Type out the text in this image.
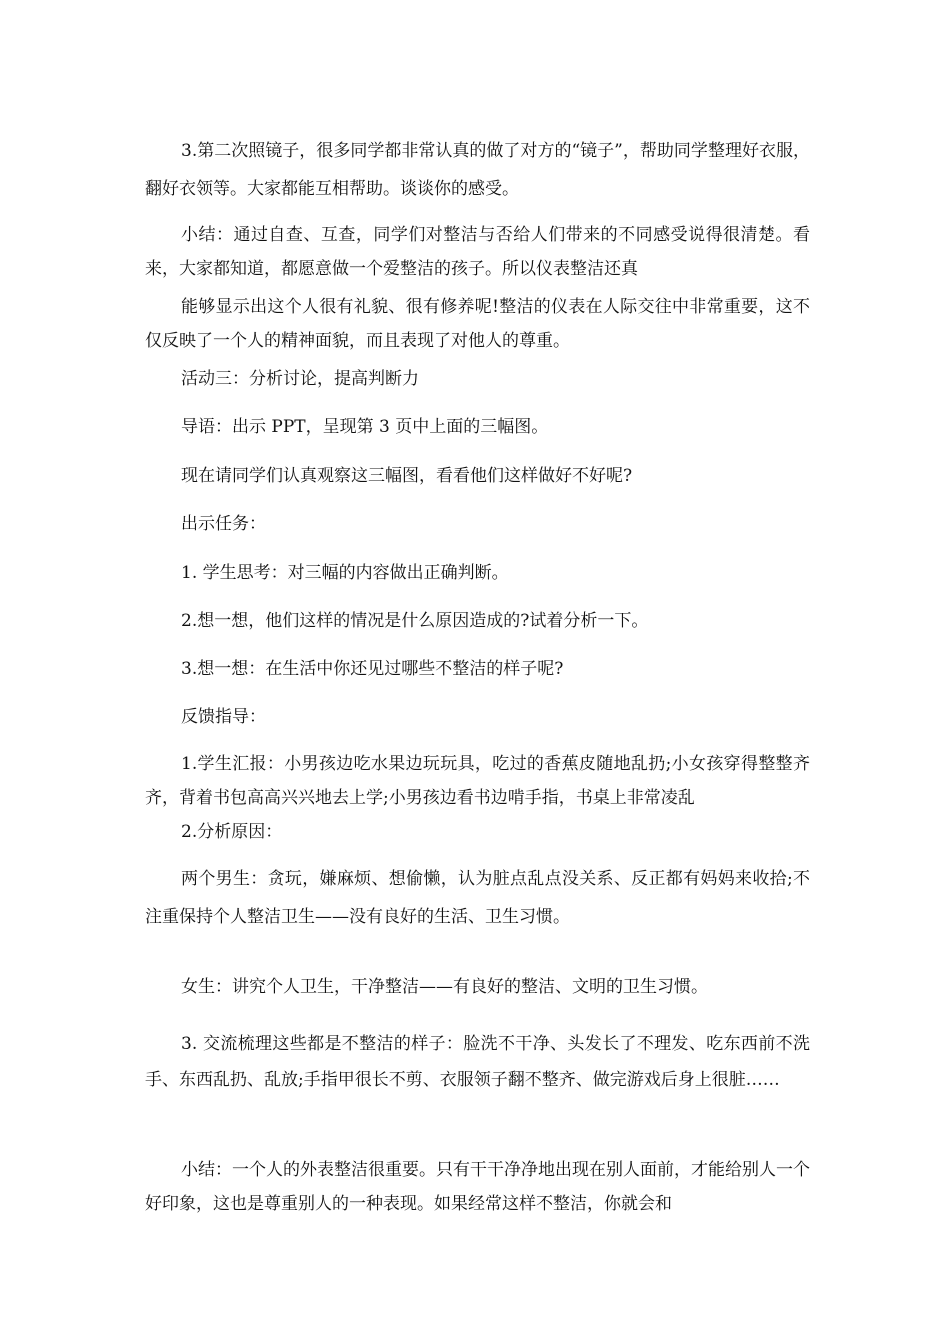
3.第二次照镜子，很多同学都非常认真的做了对方的“镜子”，帮助同学整理好衣服，翻好衣领等。大家都能互相帮助。谈谈你的感受。
小结：通过自查、互查，同学们对整洁与否给人们带来的不同感受说得很清楚。看来，大家都知道，都愿意做一个爱整洁的孩子。所以仪表整洁还真
能够显示出这个人很有礼貌、很有修养呢!整洁的仪表在人际交往中非常重要，这不仅反映了一个人的精神面貌，而且表现了对他人的尊重。
活动三：分析讨论，提高判断力
导语：出示 PPT，呈现第 3 页中上面的三幅图。
现在请同学们认真观察这三幅图，看看他们这样做好不好呢?
出示任务：
1. 学生思考：对三幅的内容做出正确判断。
2.想一想，他们这样的情况是什么原因造成的?试着分析一下。
3.想一想：在生活中你还见过哪些不整洁的样子呢?
反馈指导：
1.学生汇报：小男孩边吃水果边玩玩具，吃过的香蕉皮随地乱扔;小女孩穿得整整齐齐，背着书包高高兴兴地去上学;小男孩边看书边啃手指，书桌上非常凌乱
2.分析原因：
两个男生：贪玩，嫌麻烦、想偷懒，认为脏点乱点没关系、反正都有妈妈来收拾;不注重保持个人整洁卫生——没有良好的生活、卫生习惯。
女生：讲究个人卫生，干净整洁——有良好的整洁、文明的卫生习惯。
3. 交流梳理这些都是不整洁的样子：脸洗不干净、头发长了不理发、吃东西前不洗手、东西乱扔、乱放;手指甲很长不剪、衣服领子翻不整齐、做完游戏后身上很脏……
小结：一个人的外表整洁很重要。只有干干净净地出现在别人面前，才能给别人一个好印象，这也是尊重别人的一种表现。如果经常这样不整洁，你就会和
